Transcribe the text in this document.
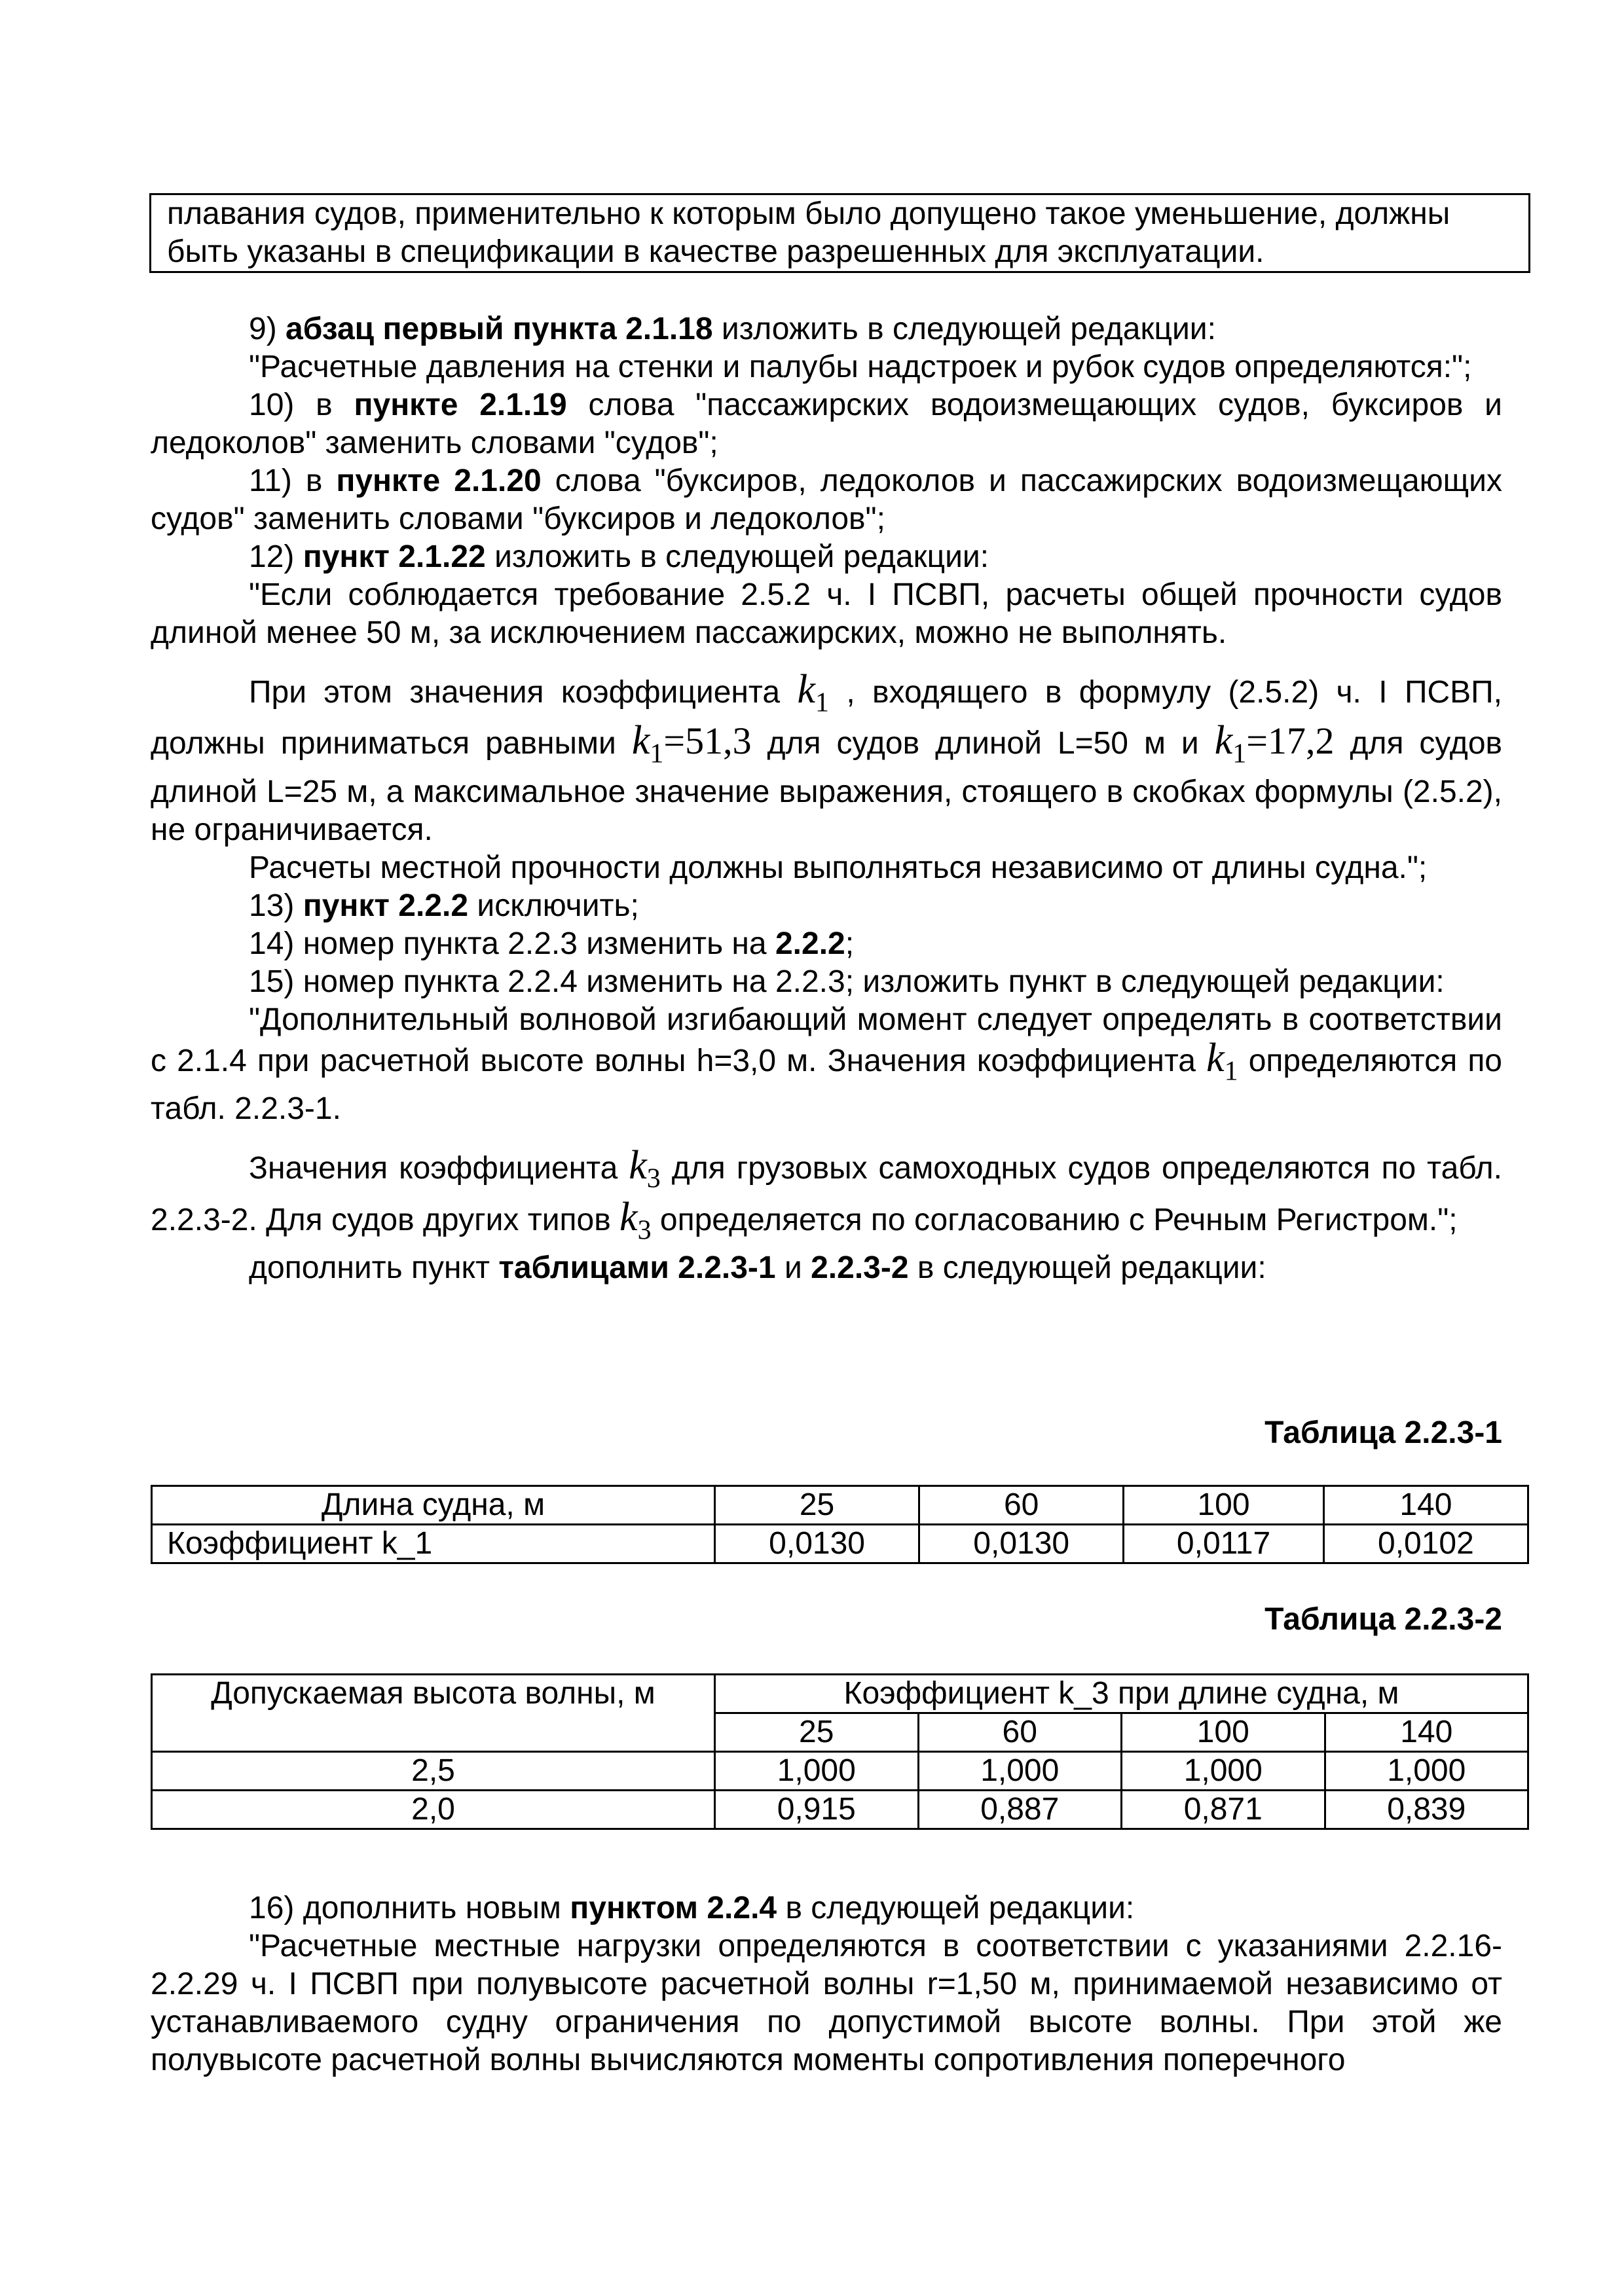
плавания судов, применительно к которым было допущено такое уменьшение, должны

быть указаны в спецификации в качестве разрешенных для эксплуатации.

9) абзац первый пункта 2.1.18 изложить в следующей редакции:

"Расчетные давления на стенки и палубы надстроек и рубок судов определяются:";

10) в пункте 2.1.19 слова "пассажирских водоизмещающих судов, буксиров и ледоколов" заменить словами "судов";

11) в пункте 2.1.20 слова "буксиров, ледоколов и пассажирских водоизмещающих судов" заменить словами "буксиров и ледоколов";

12) пункт 2.1.22 изложить в следующей редакции:

"Если соблюдается требование 2.5.2 ч. I ПСВП, расчеты общей прочности судов длиной менее 50 м, за исключением пассажирских, можно не выполнять.

При этом значения коэффициента $k_1$ , входящего в формулу (2.5.2) ч. I ПСВП, должны приниматься равными $k_1=51,3$ для судов длиной L=50 м и $k_1=17,2$ для судов длиной L=25 м, а максимальное значение выражения, стоящего в скобках формулы (2.5.2), не ограничивается.

Расчеты местной прочности должны выполняться независимо от длины судна.";

13) пункт 2.2.2 исключить;

14) номер пункта 2.2.3 изменить на 2.2.2;

15) номер пункта 2.2.4 изменить на 2.2.3; изложить пункт в следующей редакции:

"Дополнительный волновой изгибающий момент следует определять в соответствии с 2.1.4 при расчетной высоте волны h=3,0 м. Значения коэффициента $k_1$ определяются по табл. 2.2.3-1.

Значения коэффициента $k_3$ для грузовых самоходных судов определяются по табл. 2.2.3-2. Для судов других типов $k_3$ определяется по согласованию с Речным Регистром.";

дополнить пункт таблицами 2.2.3-1 и 2.2.3-2 в следующей редакции:

Таблица 2.2.3-1
Длина судна, м	25	60	100	140
Коэффициент k_1	0,0130	0,0130	0,0117	0,0102
Таблица 2.2.3-2
Допускаемая высота волны, м	Коэффициент k_3 при длине судна, м			
	25	60	100	140
2,5	1,000	1,000	1,000	1,000
2,0	0,915	0,887	0,871	0,839

16) дополнить новым пунктом 2.2.4 в следующей редакции:

"Расчетные местные нагрузки определяются в соответствии с указаниями 2.2.16-2.2.29 ч. I ПСВП при полувысоте расчетной волны r=1,50 м, принимаемой независимо от устанавливаемого судну ограничения по допустимой высоте волны. При этой же полувысоте расчетной волны вычисляются моменты сопротивления поперечного
